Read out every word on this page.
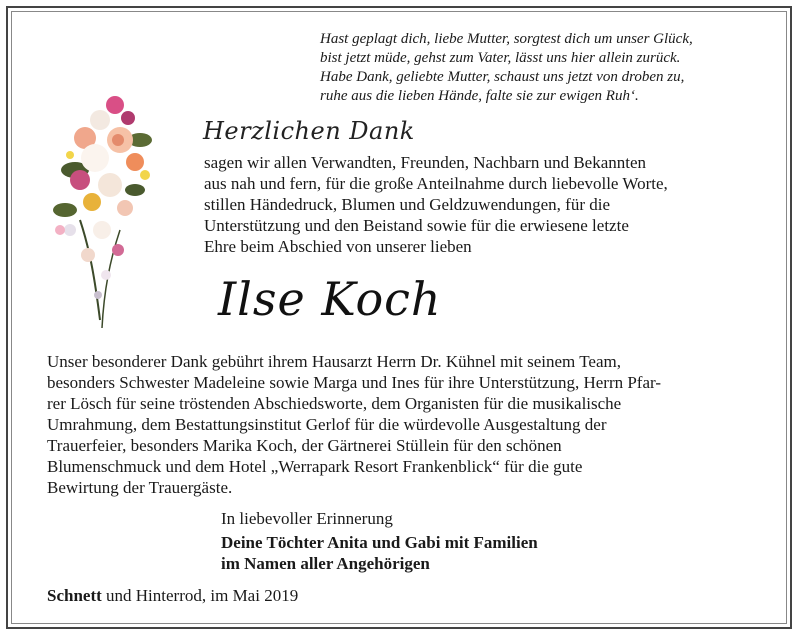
Hast geplagt dich, liebe Mutter, sorgtest dich um unser Glück,
bist jetzt müde, gehst zum Vater, lässt uns hier allein zurück.
Habe Dank, geliebte Mutter, schaust uns jetzt von droben zu,
ruhe aus die lieben Hände, falte sie zur ewigen Ruh‘.
Herzlichen Dank
sagen wir allen Verwandten, Freunden, Nachbarn und Bekannten
aus nah und fern, für die große Anteilnahme durch liebevolle Worte,
stillen Händedruck, Blumen und Geldzuwendungen, für die
Unterstützung und den Beistand sowie für die erwiesene letzte
Ehre beim Abschied von unserer lieben
Ilse Koch
Unser besonderer Dank gebührt ihrem Hausarzt Herrn Dr. Kühnel mit seinem Team,
besonders Schwester Madeleine sowie Marga und Ines für ihre Unterstützung, Herrn Pfar-
rer Lösch für seine tröstenden Abschiedsworte, dem Organisten für die musikalische
Umrahmung, dem Bestattungsinstitut Gerlof für die würdevolle Ausgestaltung der
Trauerfeier, besonders Marika Koch, der Gärtnerei Stüllein für den schönen
Blumenschmuck und dem Hotel „Werrapark Resort Frankenblick“ für die gute
Bewirtung der Trauergäste.
In liebevoller Erinnerung
Deine Töchter Anita und Gabi mit Familien
im Namen aller Angehörigen
Schnett und Hinterrod, im Mai 2019
